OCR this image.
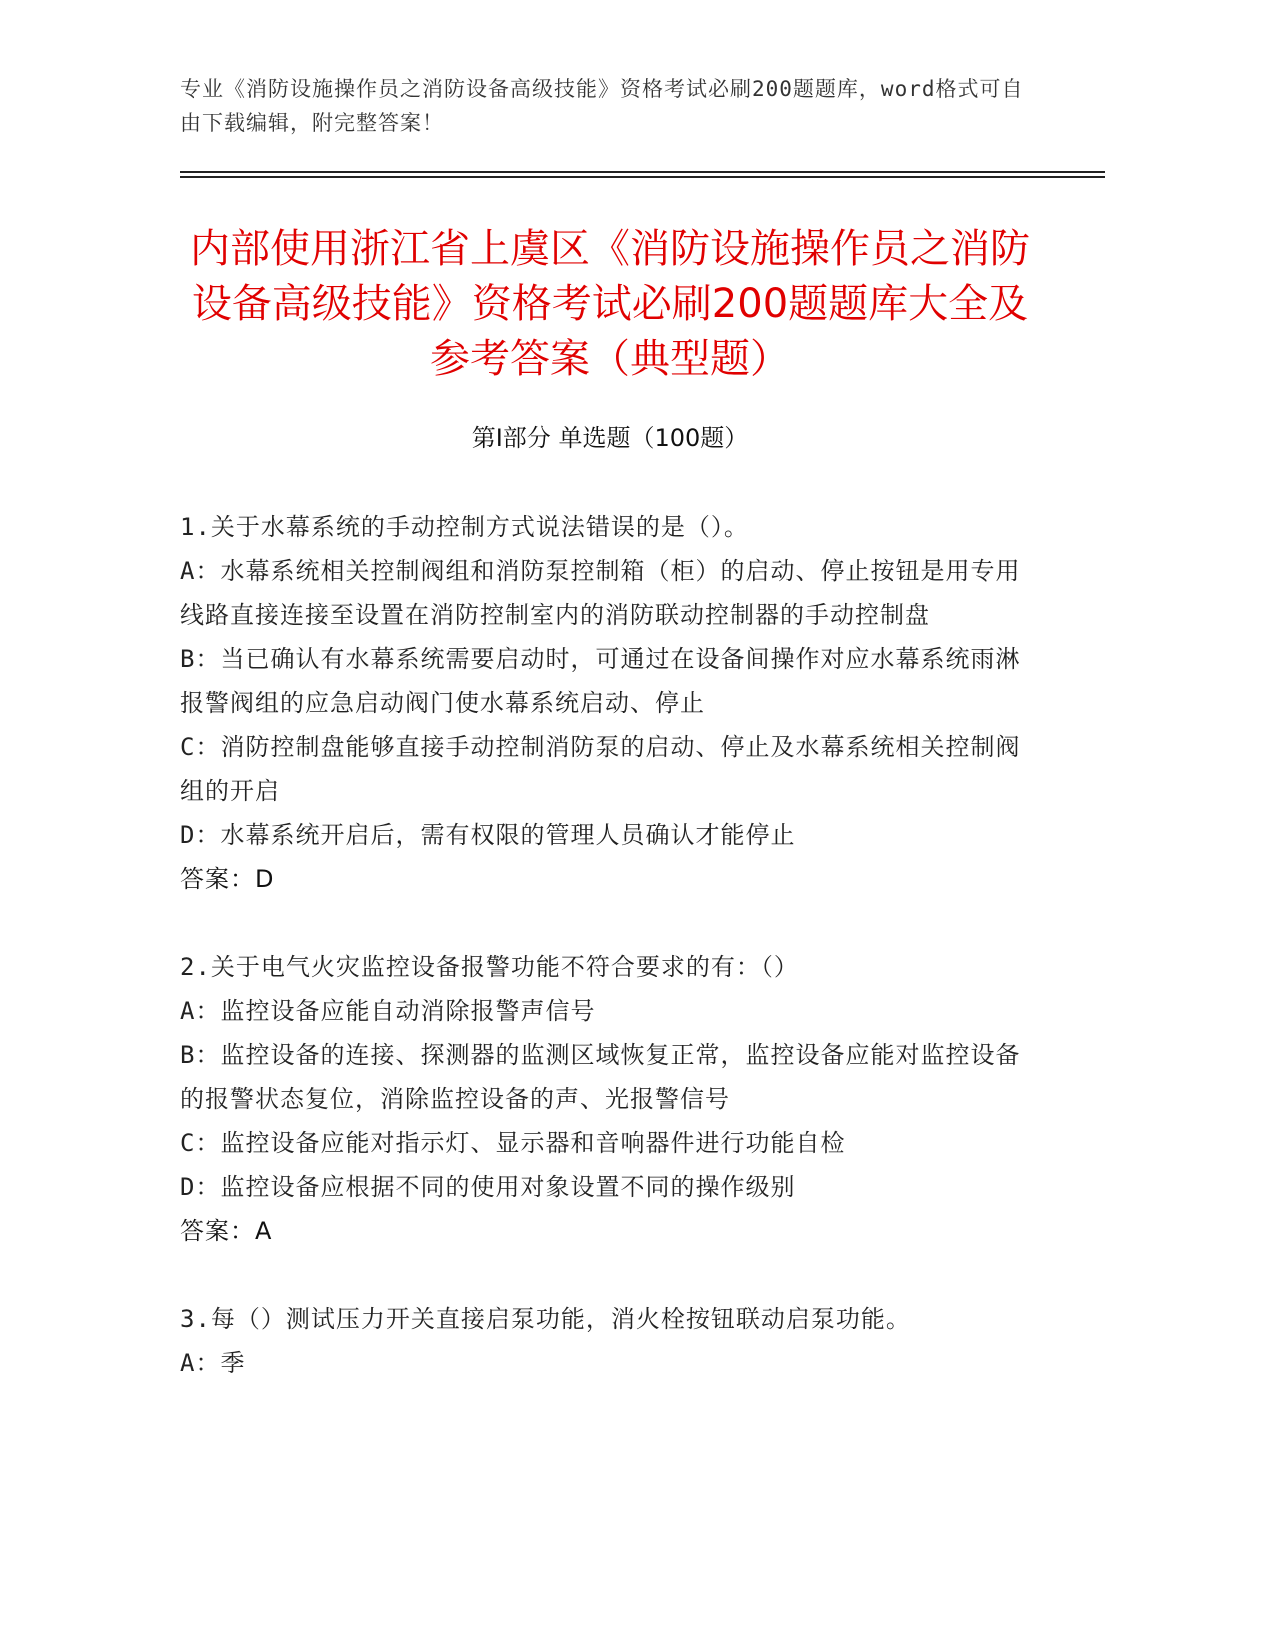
专业《消防设施操作员之消防设备高级技能》资格考试必刷200题题库，word格式可自由下载编辑，附完整答案！
内部使用浙江省上虞区《消防设施操作员之消防设备高级技能》资格考试必刷200题题库大全及参考答案（典型题）
第I部分 单选题（100题）
1.关于水幕系统的手动控制方式说法错误的是（）。
A：水幕系统相关控制阀组和消防泵控制箱（柜）的启动、停止按钮是用专用线路直接连接至设置在消防控制室内的消防联动控制器的手动控制盘
B：当已确认有水幕系统需要启动时，可通过在设备间操作对应水幕系统雨淋报警阀组的应急启动阀门使水幕系统启动、停止
C：消防控制盘能够直接手动控制消防泵的启动、停止及水幕系统相关控制阀组的开启
D：水幕系统开启后，需有权限的管理人员确认才能停止
答案：D
2.关于电气火灾监控设备报警功能不符合要求的有：（）
A：监控设备应能自动消除报警声信号
B：监控设备的连接、探测器的监测区域恢复正常，监控设备应能对监控设备的报警状态复位，消除监控设备的声、光报警信号
C：监控设备应能对指示灯、显示器和音响器件进行功能自检
D：监控设备应根据不同的使用对象设置不同的操作级别
答案：A
3.每（）测试压力开关直接启泵功能，消火栓按钮联动启泵功能。
A：季
